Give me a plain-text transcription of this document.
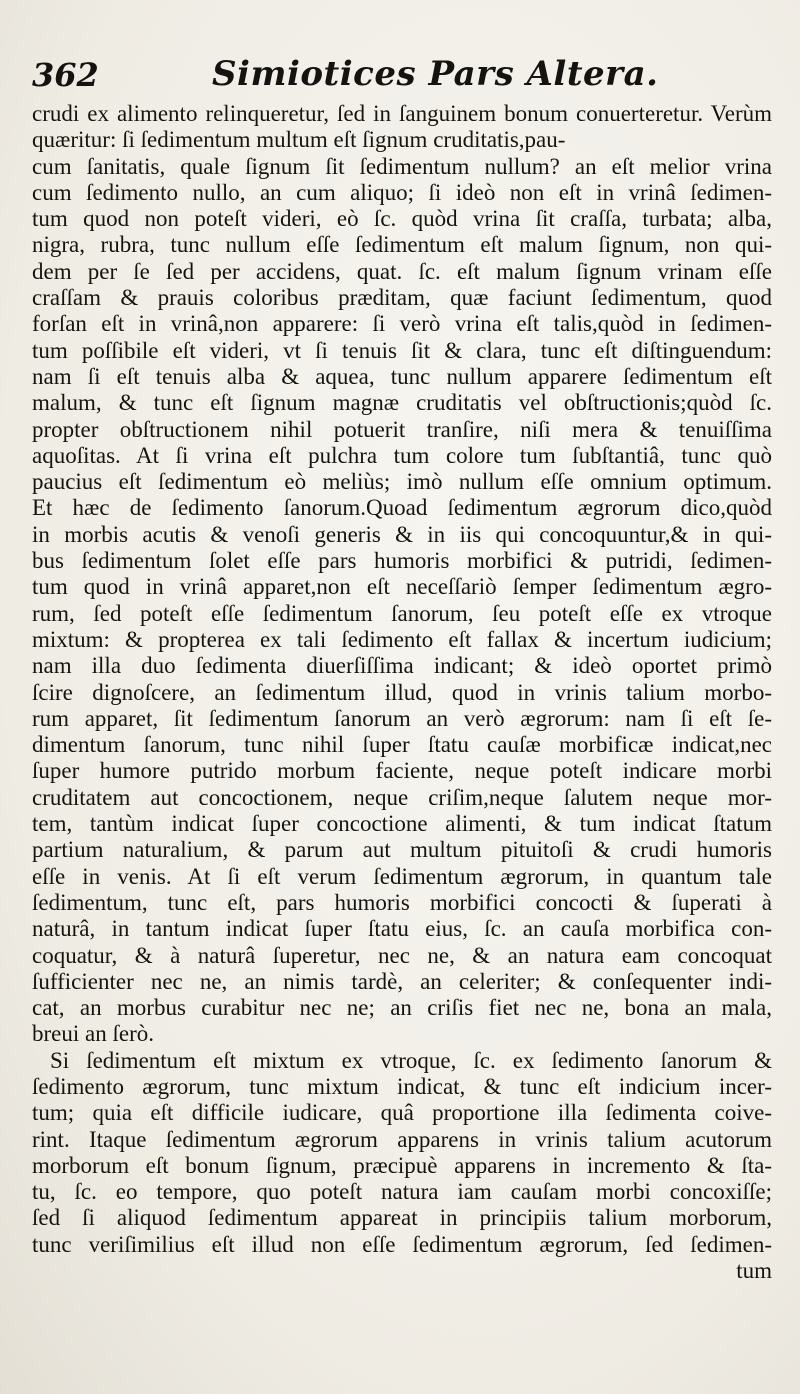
362	Simiotices Pars Altera.
crudi ex alimento relinqueretur, ſed in ſanguinem bonum conuerteretur. Verùm quæritur: ſi ſedimentum multum eſt ſignum cruditatis,pau-
cum ſanitatis, quale ſignum ſit ſedimentum nullum? an eſt melior vrina
cum ſedimento nullo, an cum aliquo; ſi ideò non eſt in vrinâ ſedimen-
tum quod non poteſt videri, eò ſc. quòd vrina ſit craſſa, turbata; alba,
nigra, rubra, tunc nullum eſſe ſedimentum eſt malum ſignum, non qui-
dem per ſe ſed per accidens, quat. ſc. eſt malum ſignum vrinam eſſe
craſſam & prauis coloribus præditam, quæ faciunt ſedimentum, quod
forſan eſt in vrinâ,non apparere: ſi verò vrina eſt talis,quòd in ſedimen-
tum poſſibile eſt videri, vt ſi tenuis ſit & clara, tunc eſt diſtinguendum:
nam ſi eſt tenuis alba & aquea, tunc nullum apparere ſedimentum eſt
malum, & tunc eſt ſignum magnæ cruditatis vel obſtructionis;quòd ſc.
propter obſtructionem nihil potuerit tranſire, niſi mera & tenuiſſima
aquoſitas. At ſi vrina eſt pulchra tum colore tum ſubſtantiâ, tunc quò
paucius eſt ſedimentum eò meliùs; imò nullum eſſe omnium optimum.
Et hæc de ſedimento ſanorum.Quoad ſedimentum ægrorum dico,quòd
in morbis acutis & venoſi generis & in iis qui concoquuntur,& in qui-
bus ſedimentum ſolet eſſe pars humoris morbifici & putridi, ſedimen-
tum quod in vrinâ apparet,non eſt neceſſariò ſemper ſedimentum ægro-
rum, ſed poteſt eſſe ſedimentum ſanorum, ſeu poteſt eſſe ex vtroque
mixtum: & propterea ex tali ſedimento eſt fallax & incertum iudicium;
nam illa duo ſedimenta diuerſiſſima indicant; & ideò oportet primò
ſcire dignoſcere, an ſedimentum illud, quod in vrinis talium morbo-
rum apparet, ſit ſedimentum ſanorum an verò ægrorum: nam ſi eſt ſe-
dimentum ſanorum, tunc nihil ſuper ſtatu cauſæ morbificæ indicat,nec
ſuper humore putrido morbum faciente, neque poteſt indicare morbi
cruditatem aut concoctionem, neque criſim,neque ſalutem neque mor-
tem, tantùm indicat ſuper concoctione alimenti, & tum indicat ſtatum
partium naturalium, & parum aut multum pituitoſi & crudi humoris
eſſe in venis. At ſi eſt verum ſedimentum ægrorum, in quantum tale
ſedimentum, tunc eſt, pars humoris morbifici concocti & ſuperati à
naturâ, in tantum indicat ſuper ſtatu eius, ſc. an cauſa morbifica con-
coquatur, & à naturâ ſuperetur, nec ne, & an natura eam concoquat
ſufficienter nec ne, an nimis tardè, an celeriter; & conſequenter indi-
cat, an morbus curabitur nec ne; an criſis fiet nec ne, bona an mala,
breui an ſerò.
Si ſedimentum eſt mixtum ex vtroque, ſc. ex ſedimento ſanorum &
ſedimento ægrorum, tunc mixtum indicat, & tunc eſt indicium incer-
tum; quia eſt difficile iudicare, quâ proportione illa ſedimenta coive-
rint. Itaque ſedimentum ægrorum apparens in vrinis talium acutorum
morborum eſt bonum ſignum, præcipuè apparens in incremento & ſta-
tu, ſc. eo tempore, quo poteſt natura iam cauſam morbi concoxiſſe;
ſed ſi aliquod ſedimentum appareat in principiis talium morborum,
tunc veriſimilius eſt illud non eſſe ſedimentum ægrorum, ſed ſedimen-
tum
